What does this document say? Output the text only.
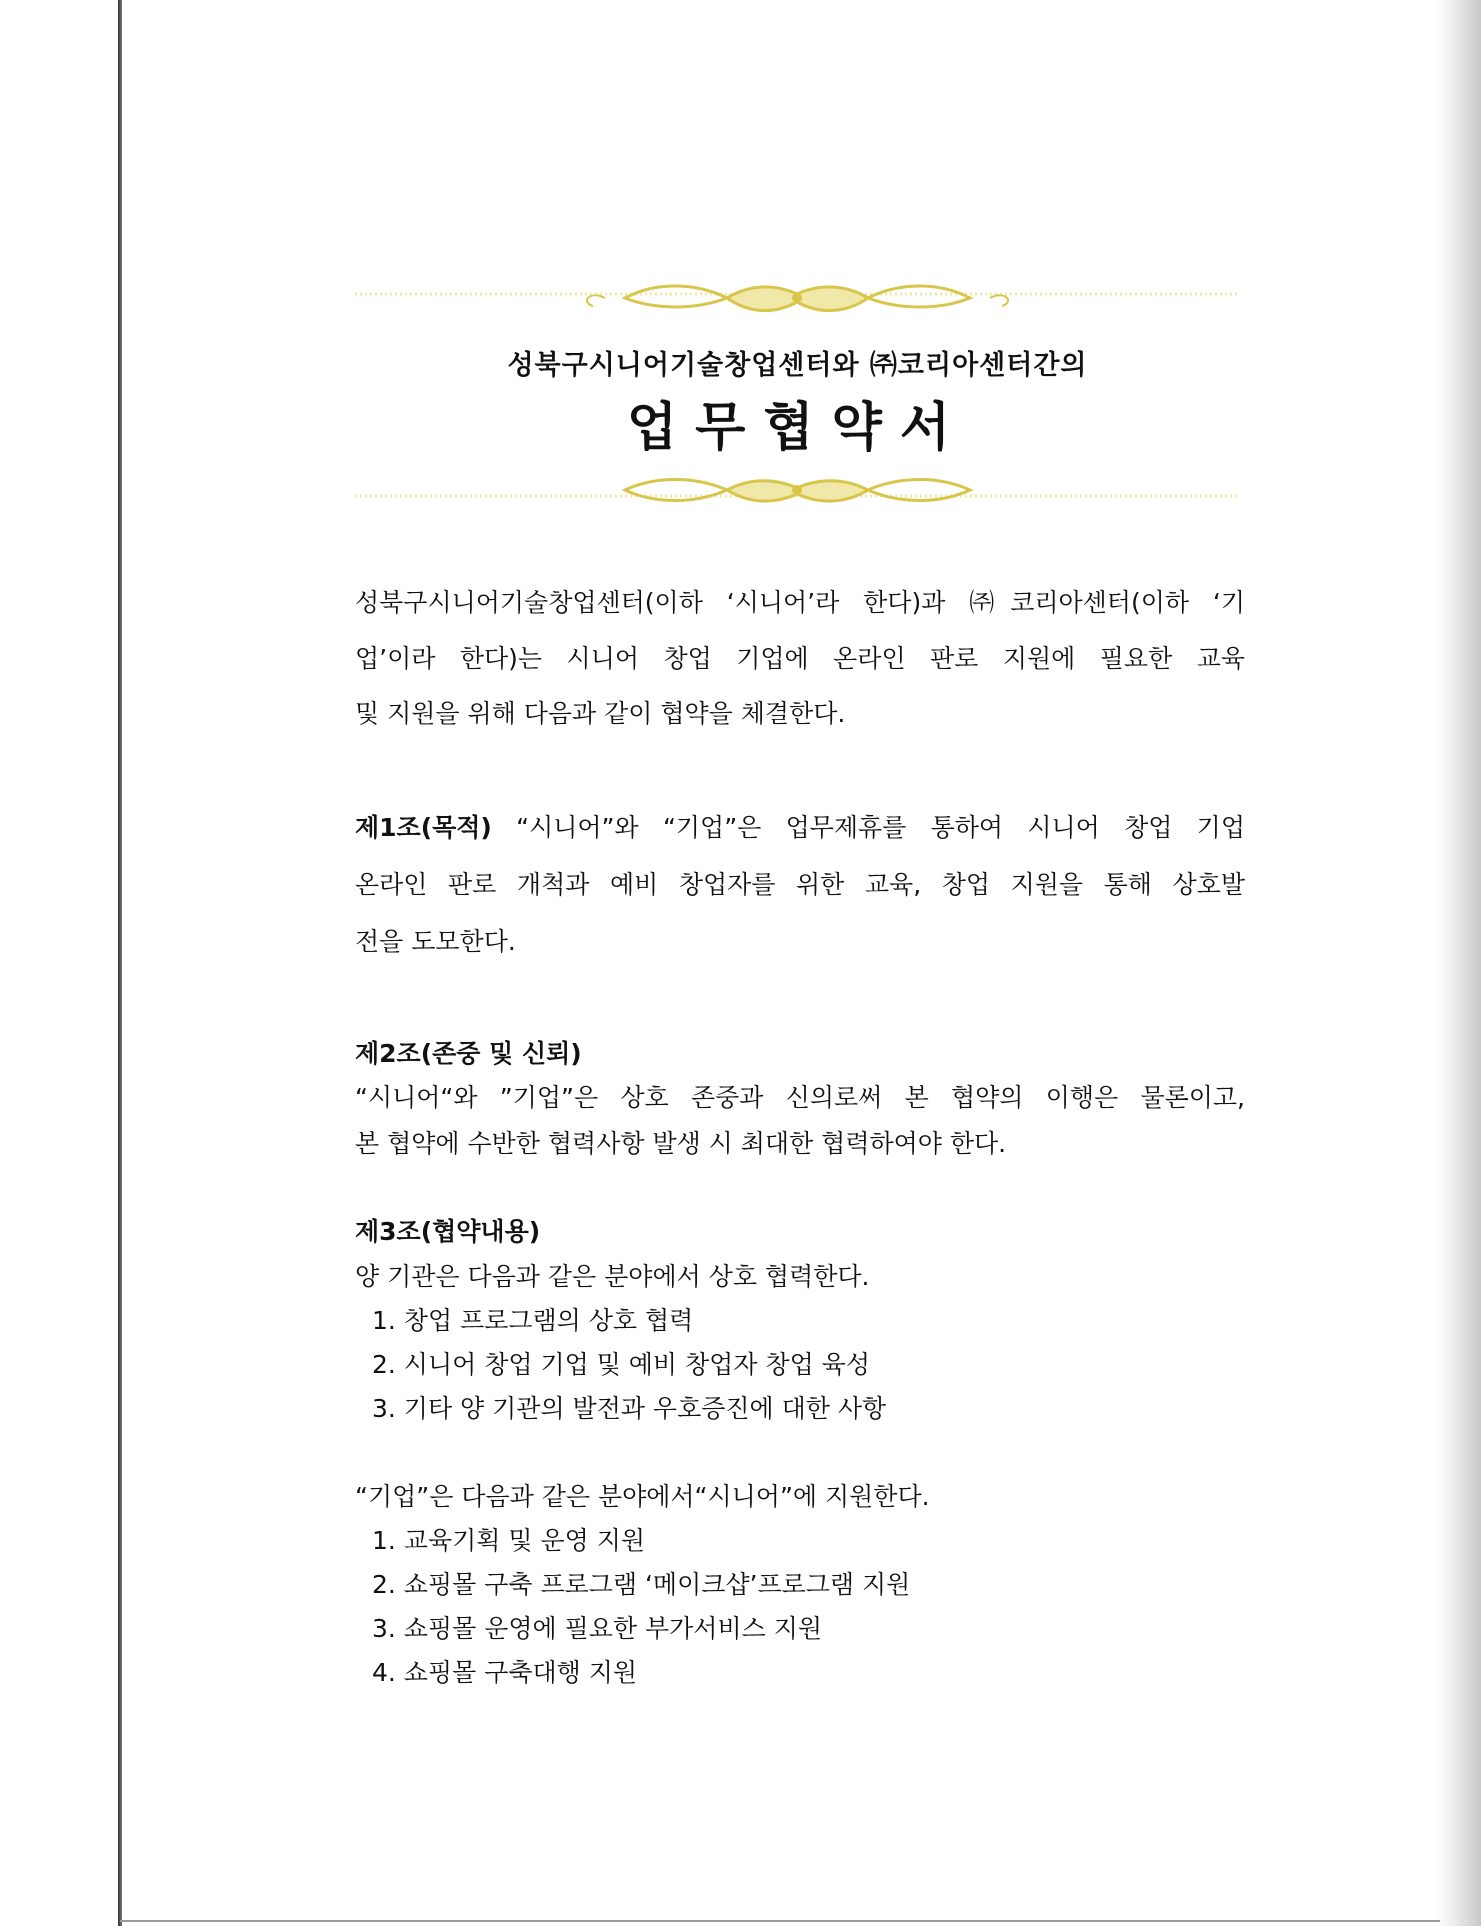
성북구시니어기술창업센터와 ㈜코리아센터간의
업무협약서
성북구시니어기술창업센터(이하 ‘시니어’라 한다)과 ㈜코리아센터(이하 ‘기
업’이라 한다)는 시니어 창업 기업에 온라인 판로 지원에 필요한 교육
및 지원을 위해 다음과 같이 협약을 체결한다.
제1조(목적) “시니어”와 “기업”은 업무제휴를 통하여 시니어 창업 기업
온라인 판로 개척과 예비 창업자를 위한 교육, 창업 지원을 통해 상호발
전을 도모한다.
제2조(존중 및 신뢰)
“시니어“와 ”기업”은 상호 존중과 신의로써 본 협약의 이행은 물론이고,
본 협약에 수반한 협력사항 발생 시 최대한 협력하여야 한다.
제3조(협약내용)
양 기관은 다음과 같은 분야에서 상호 협력한다.
1. 창업 프로그램의 상호 협력
2. 시니어 창업 기업 및 예비 창업자 창업 육성
3. 기타 양 기관의 발전과 우호증진에 대한 사항
“기업”은 다음과 같은 분야에서“시니어”에 지원한다.
1. 교육기획 및 운영 지원
2. 쇼핑몰 구축 프로그램 ‘메이크샵’프로그램 지원
3. 쇼핑몰 운영에 필요한 부가서비스 지원
4. 쇼핑몰 구축대행 지원
